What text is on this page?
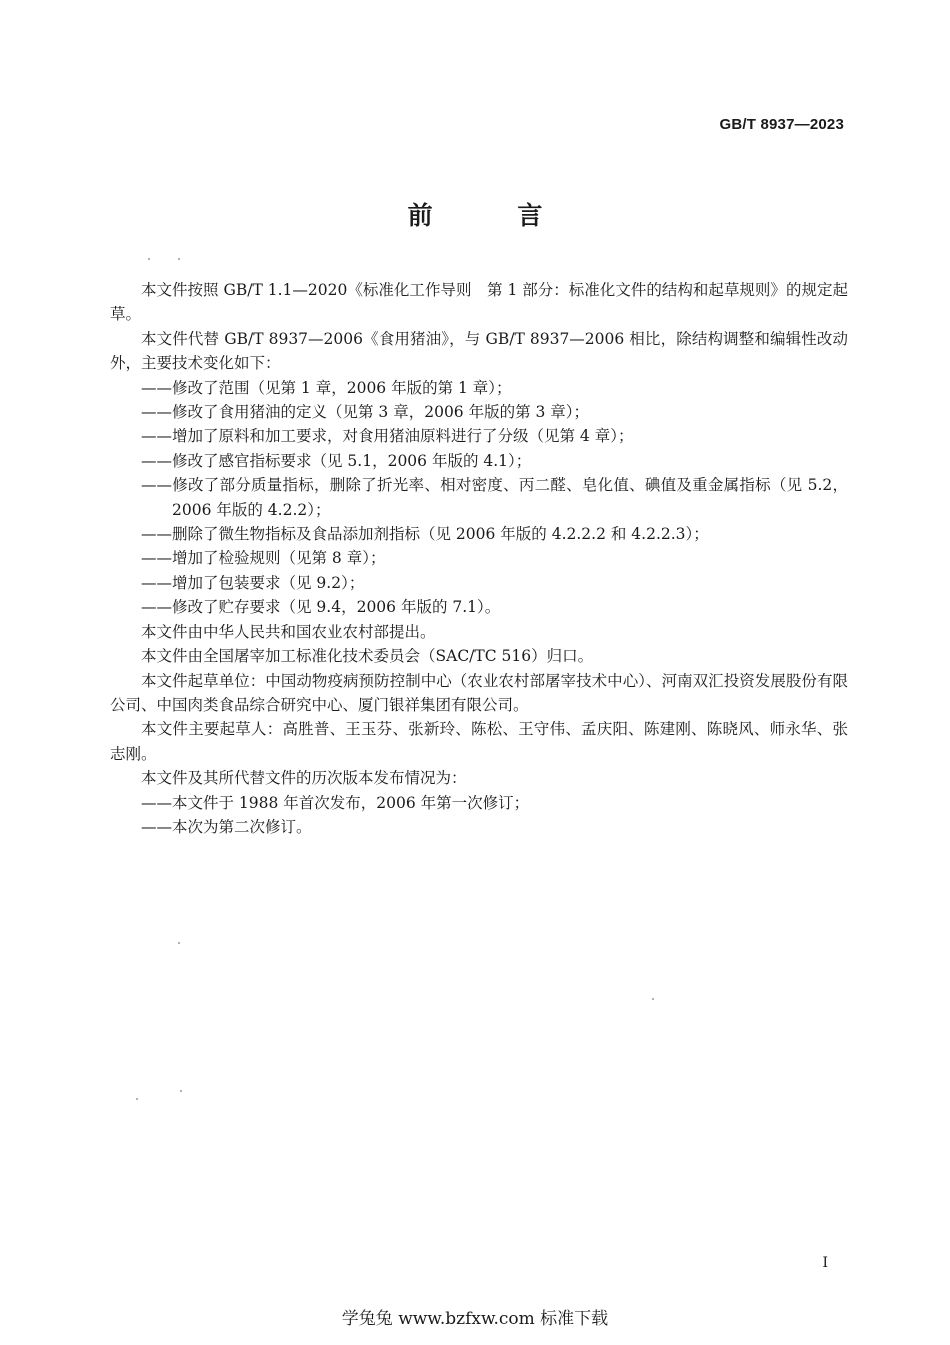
GB/T 8937—2023
前 言

本文件按照 GB/T 1.1—2020《标准化工作导则　第 1 部分：标准化文件的结构和起草规则》的规定起草。

本文件代替 GB/T 8937—2006《食用猪油》，与 GB/T 8937—2006 相比，除结构调整和编辑性改动外，主要技术变化如下：

——修改了范围（见第 1 章，2006 年版的第 1 章）；

——修改了食用猪油的定义（见第 3 章，2006 年版的第 3 章）；

——增加了原料和加工要求，对食用猪油原料进行了分级（见第 4 章）；

——修改了感官指标要求（见 5.1，2006 年版的 4.1）；

——修改了部分质量指标，删除了折光率、相对密度、丙二醛、皂化值、碘值及重金属指标（见 5.2，2006 年版的 4.2.2）；

——删除了微生物指标及食品添加剂指标（见 2006 年版的 4.2.2.2 和 4.2.2.3）；

——增加了检验规则（见第 8 章）；

——增加了包装要求（见 9.2）；

——修改了贮存要求（见 9.4，2006 年版的 7.1）。

本文件由中华人民共和国农业农村部提出。

本文件由全国屠宰加工标准化技术委员会（SAC/TC 516）归口。

本文件起草单位：中国动物疫病预防控制中心（农业农村部屠宰技术中心）、河南双汇投资发展股份有限公司、中国肉类食品综合研究中心、厦门银祥集团有限公司。

本文件主要起草人：高胜普、王玉芬、张新玲、陈松、王守伟、孟庆阳、陈建刚、陈晓风、师永华、张志刚。

本文件及其所代替文件的历次版本发布情况为：

——本文件于 1988 年首次发布，2006 年第一次修订；

——本次为第二次修订。

I
学兔兔 www.bzfxw.com 标准下载
